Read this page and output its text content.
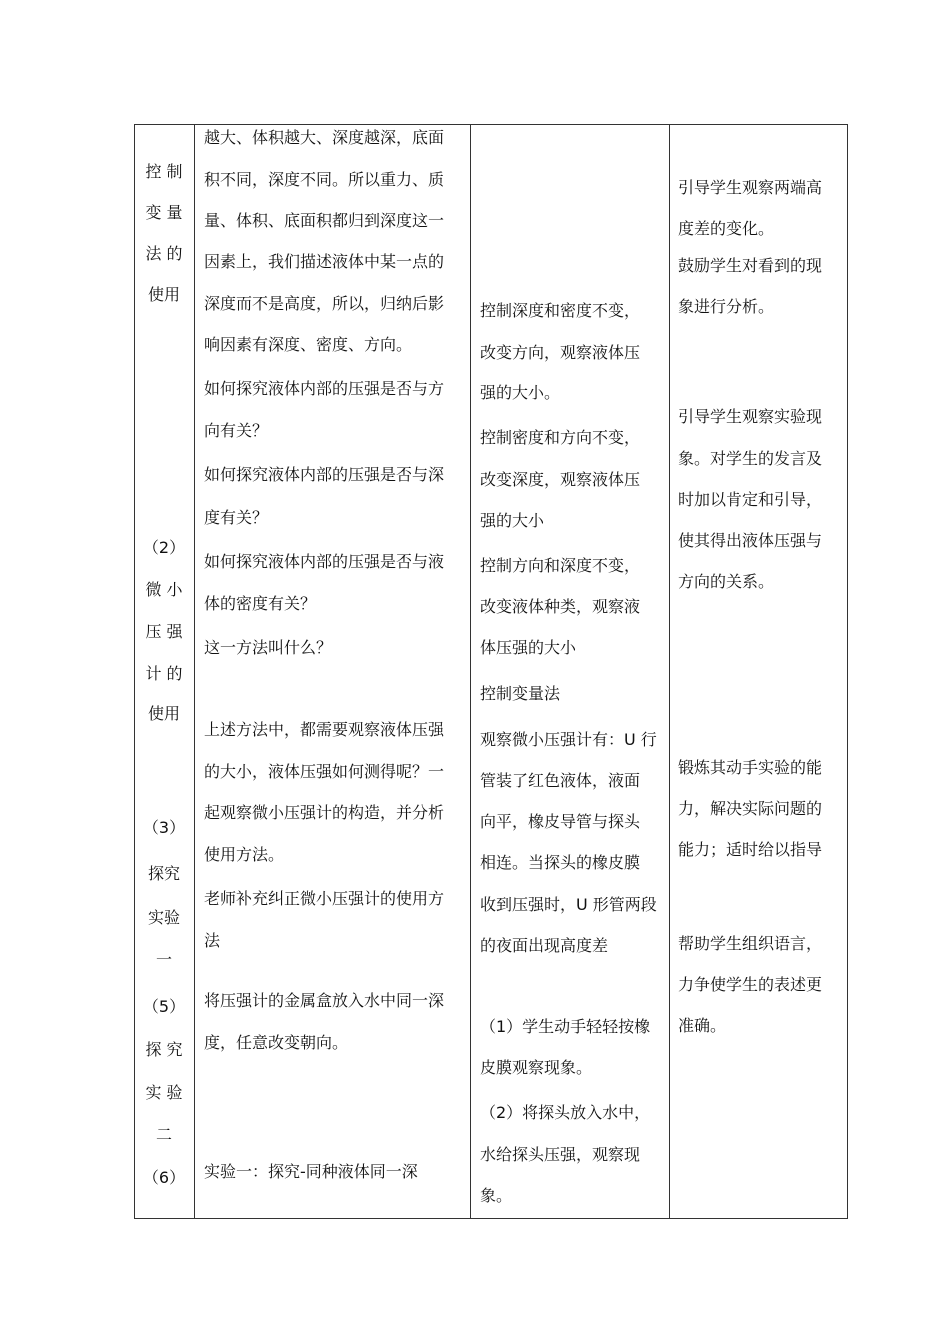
控 制
变 量
法 的
使用
（2）
微 小
压 强
计 的
使用
（3）
探究
实验
一
（5）
探 究
实 验
二
（6）
越大、体积越大、深度越深，底面
积不同，深度不同。所以重力、质
量、体积、底面积都归到深度这一
因素上，我们描述液体中某一点的
深度而不是高度，所以，归纳后影
响因素有深度、密度、方向。
如何探究液体内部的压强是否与方
向有关？
如何探究液体内部的压强是否与深
度有关？
如何探究液体内部的压强是否与液
体的密度有关？
这一方法叫什么？
上述方法中，都需要观察液体压强
的大小，液体压强如何测得呢？一
起观察微小压强计的构造，并分析
使用方法。
老师补充纠正微小压强计的使用方
法
将压强计的金属盒放入水中同一深
度，任意改变朝向。
实验一：探究-同种液体同一深
控制深度和密度不变，
改变方向，观察液体压
强的大小。
控制密度和方向不变，
改变深度，观察液体压
强的大小
控制方向和深度不变，
改变液体种类，观察液
体压强的大小
控制变量法
观察微小压强计有：U 行
管装了红色液体，液面
向平，橡皮导管与探头
相连。当探头的橡皮膜
收到压强时，U 形管两段
的夜面出现高度差
（1）学生动手轻轻按橡
皮膜观察现象。
（2）将探头放入水中，
水给探头压强，观察现
象。
引导学生观察两端高
度差的变化。
鼓励学生对看到的现
象进行分析。
引导学生观察实验现
象。对学生的发言及
时加以肯定和引导，
使其得出液体压强与
方向的关系。
锻炼其动手实验的能
力，解决实际问题的
能力；适时给以指导
帮助学生组织语言，
力争使学生的表述更
准确。
